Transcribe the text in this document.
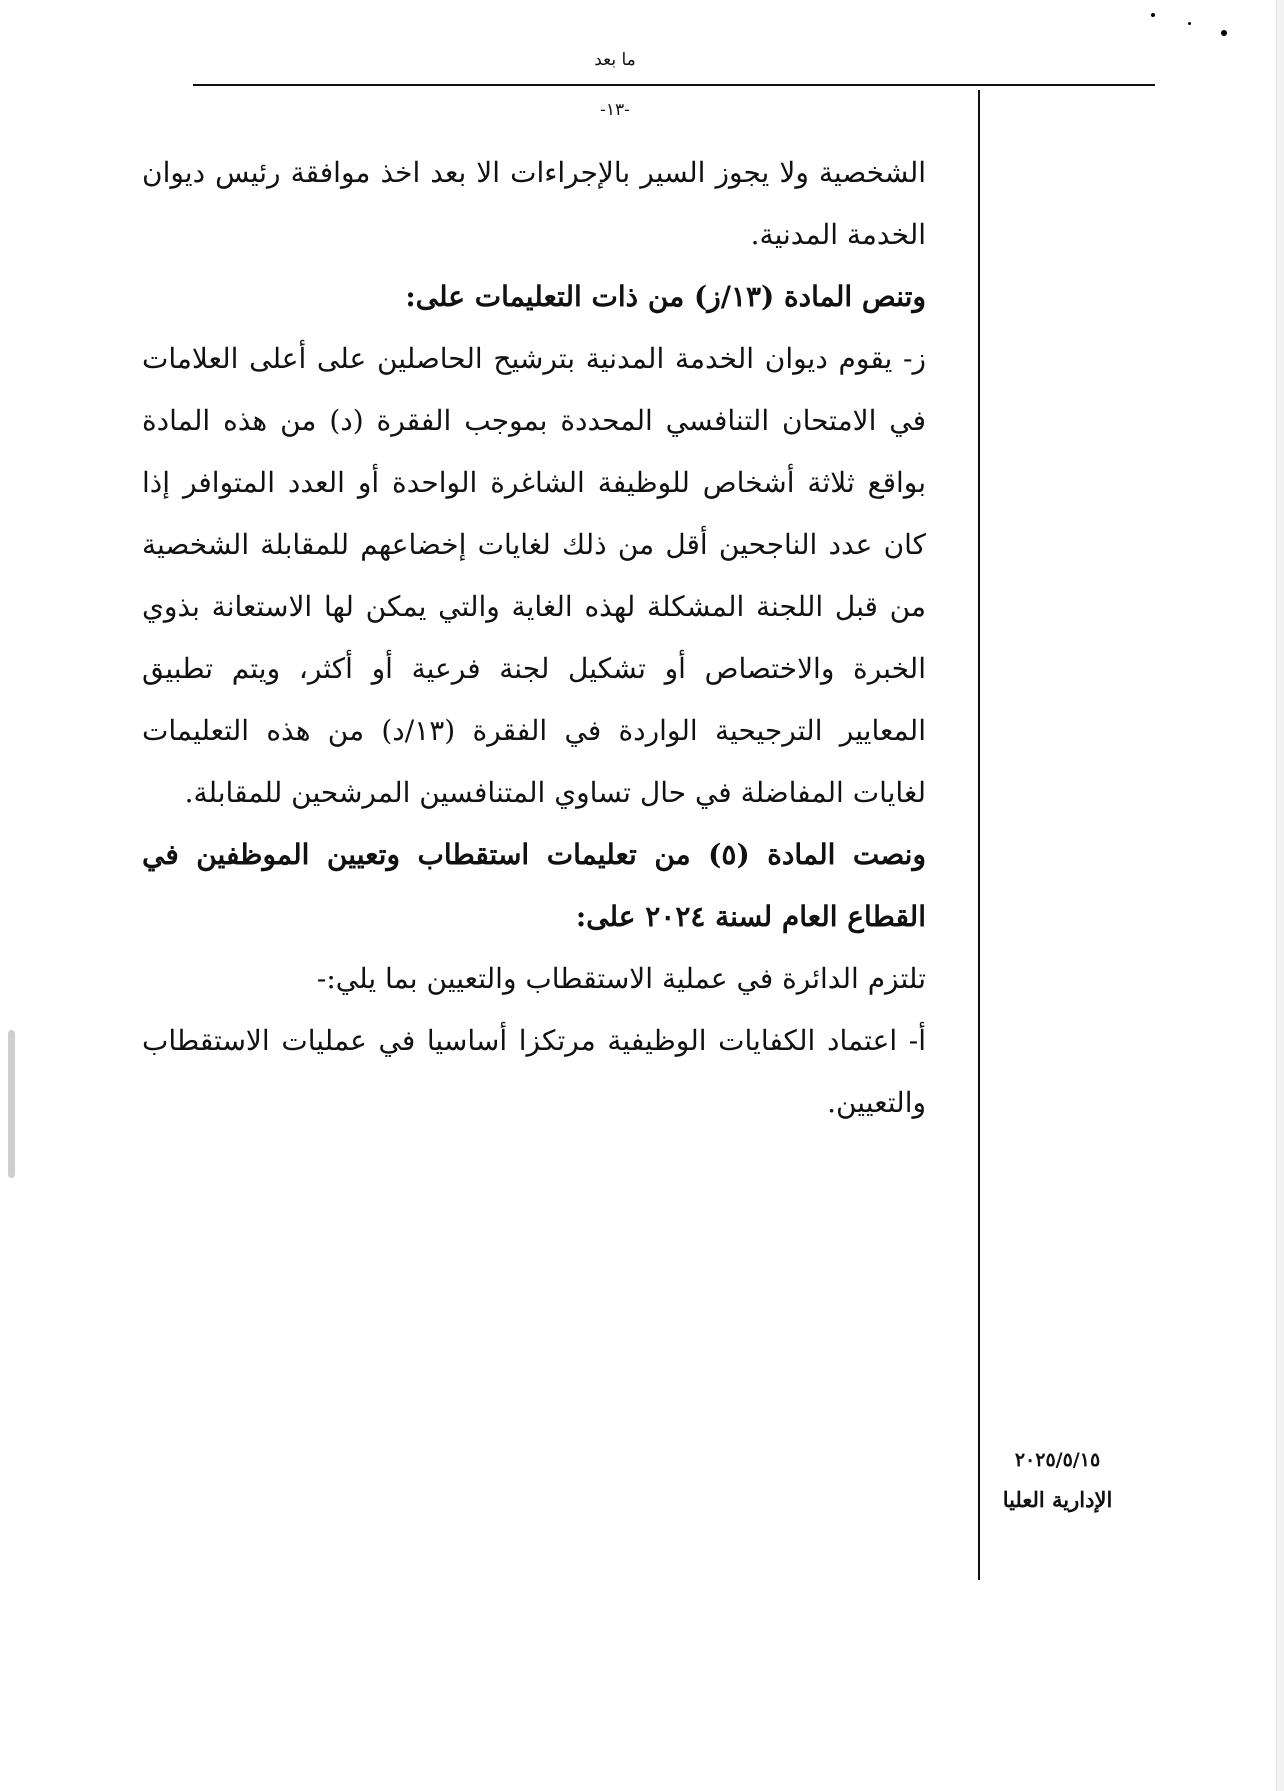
ما بعد
-١٣-

الشخصية ولا يجوز السير بالإجراءات الا بعد اخذ موافقة رئيس ديوان الخدمة المدنية.

وتنص المادة (١٣/ز) من ذات التعليمات على:

ز- يقوم ديوان الخدمة المدنية بترشيح الحاصلين على أعلى العلامات في الامتحان التنافسي المحددة بموجب الفقرة (د) من هذه المادة بواقع ثلاثة أشخاص للوظيفة الشاغرة الواحدة أو العدد المتوافر إذا كان عدد الناجحين أقل من ذلك لغايات إخضاعهم للمقابلة الشخصية من قبل اللجنة المشكلة لهذه الغاية والتي يمكن لها الاستعانة بذوي الخبرة والاختصاص أو تشكيل لجنة فرعية أو أكثر، ويتم تطبيق المعايير الترجيحية الواردة في الفقرة (١٣/د) من هذه التعليمات لغايات المفاضلة في حال تساوي المتنافسين المرشحين للمقابلة.

ونصت المادة (٥) من تعليمات استقطاب وتعيين الموظفين في القطاع العام لسنة ٢٠٢٤ على:

تلتزم الدائرة في عملية الاستقطاب والتعيين بما يلي:-

أ- اعتماد الكفايات الوظيفية مرتكزا أساسيا في عمليات الاستقطاب والتعيين.

٢٠٢٥/٥/١٥
الإدارية العليا
